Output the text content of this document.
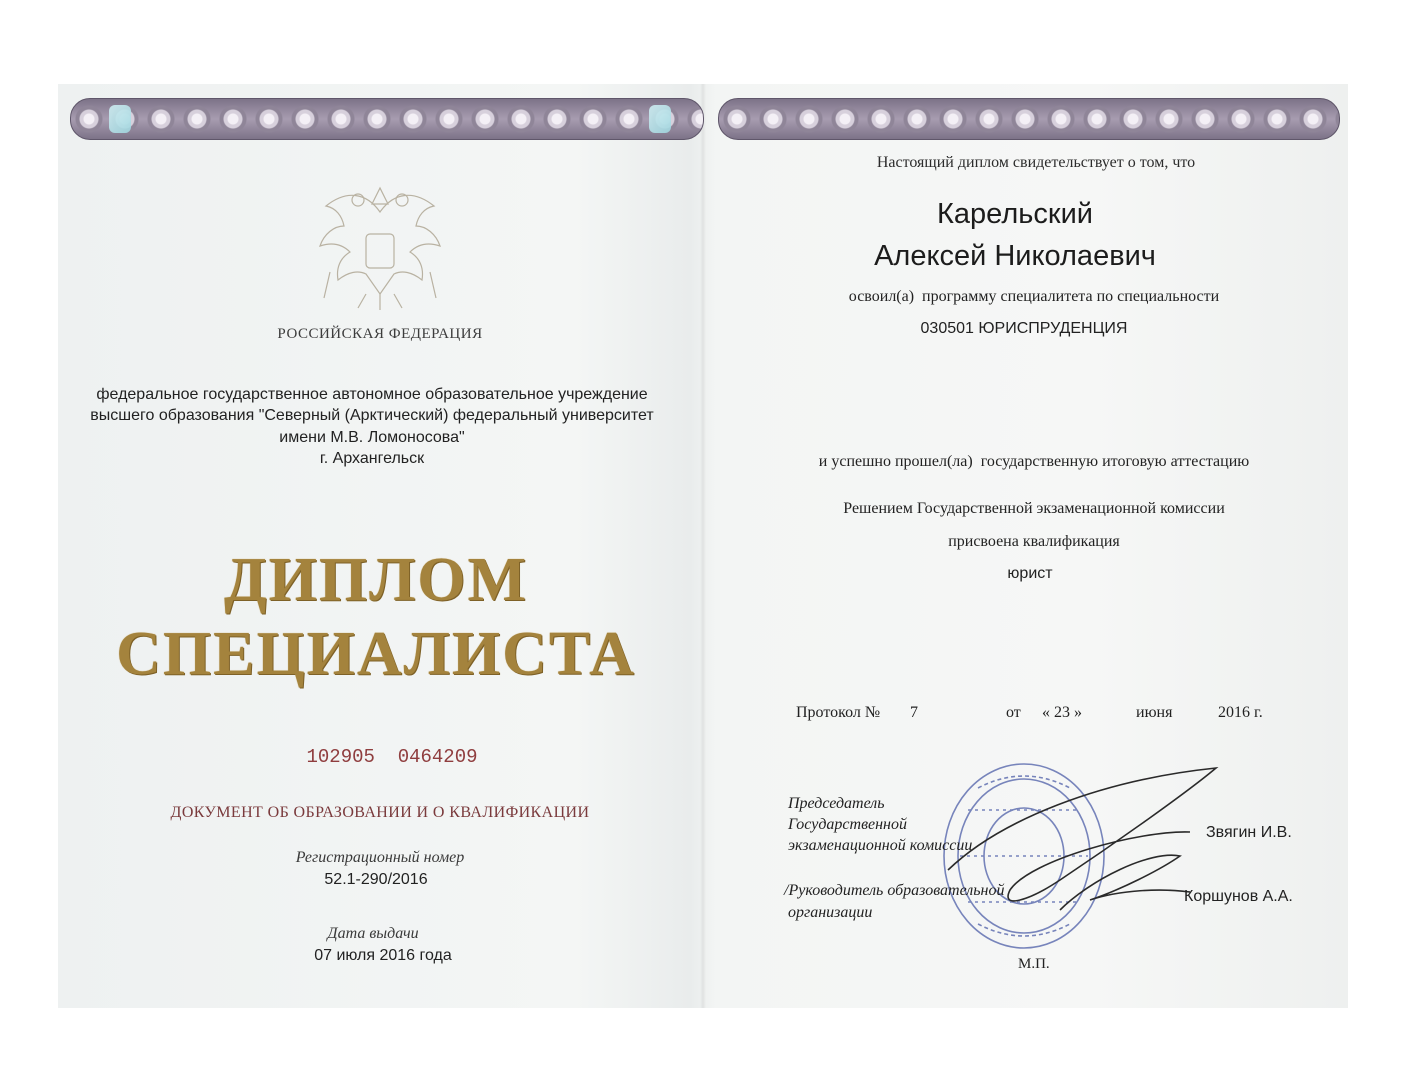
РОССИЙСКАЯ ФЕДЕРАЦИЯ
федеральное государственное автономное образовательное учреждение
высшего образования "Северный (Арктический) федеральный университет
имени М.В. Ломоносова"
г. Архангельск
ДИПЛОМ
СПЕЦИАЛИСТА
102905  0464209
ДОКУМЕНТ ОБ ОБРАЗОВАНИИ И О КВАЛИФИКАЦИИ
Регистрационный номер
52.1-290/2016
Дата выдачи
07 июля 2016 года
Настоящий диплом свидетельствует о том, что
Карельский
Алексей Николаевич
освоил(а)  программу специалитета по специальности
030501 ЮРИСПРУДЕНЦИЯ
и успешно прошел(ла)  государственную итоговую аттестацию
Решением Государственной экзаменационной комиссии
присвоена квалификация
юрист
Протокол № 7	от « 23 »	июня	2016 г.
Председатель
Государственной
экзаменационной комиссии
Звягин И.В.
/Руководитель образовательной
организации
Коршунов А.А.
М.П.
